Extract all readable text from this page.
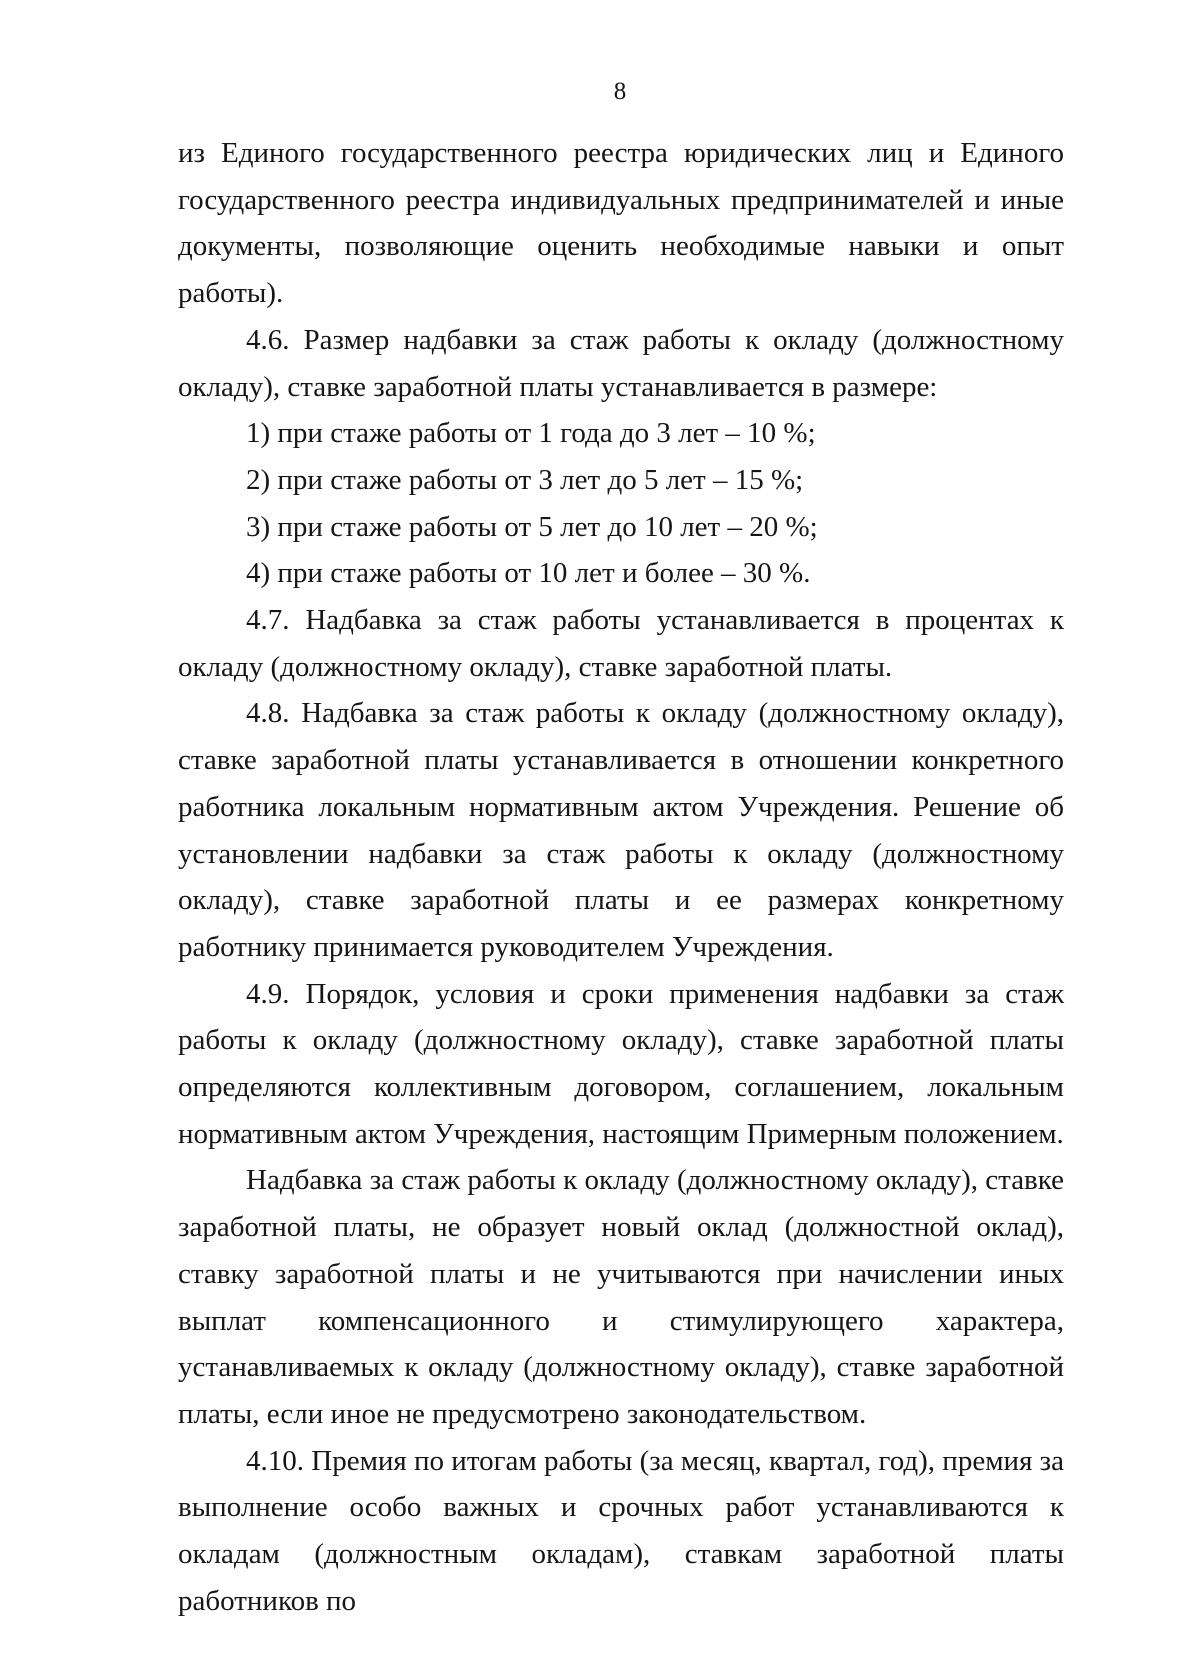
8

из Единого государственного реестра юридических лиц и Единого государственного реестра индивидуальных предпринимателей и иные документы, позволяющие оценить необходимые навыки и опыт работы).

4.6. Размер надбавки за стаж работы к окладу (должностному окладу), ставке заработной платы устанавливается в размере:

1) при стаже работы от 1 года до 3 лет – 10 %;

2) при стаже работы от 3 лет до 5 лет – 15 %;

3) при стаже работы от 5 лет до 10 лет – 20 %;

4) при стаже работы от 10 лет и более – 30 %.

4.7. Надбавка за стаж работы устанавливается в процентах к окладу (должностному окладу), ставке заработной платы.

4.8. Надбавка за стаж работы к окладу (должностному окладу), ставке заработной платы устанавливается в отношении конкретного работника локальным нормативным актом Учреждения. Решение об установлении надбавки за стаж работы к окладу (должностному окладу), ставке заработной платы и ее размерах конкретному работнику принимается руководителем Учреждения.

4.9. Порядок, условия и сроки применения надбавки за стаж работы к окладу (должностному окладу), ставке заработной платы определяются коллективным договором, соглашением, локальным нормативным актом Учреждения, настоящим Примерным положением.

Надбавка за стаж работы к окладу (должностному окладу), ставке заработной платы, не образует новый оклад (должностной оклад), ставку заработной платы и не учитываются при начислении иных выплат компенсационного и стимулирующего характера, устанавливаемых к окладу (должностному окладу), ставке заработной платы, если иное не предусмотрено законодательством.

4.10. Премия по итогам работы (за месяц, квартал, год), премия за выполнение особо важных и срочных работ устанавливаются к окладам (должностным окладам), ставкам заработной платы работников по
